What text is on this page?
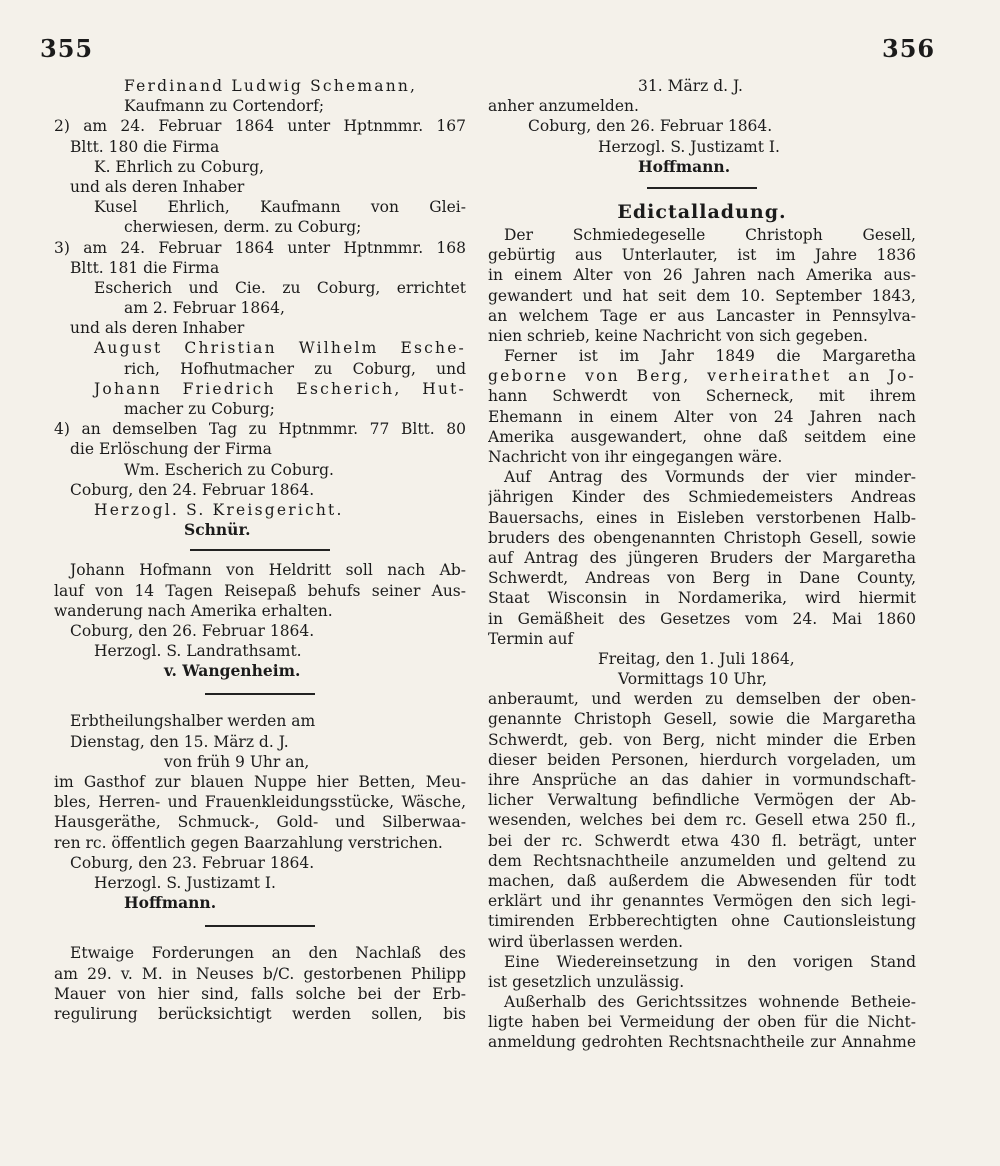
355	356
Ferdinand Ludwig Schemann,
Kaufmann zu Cortendorf;
2) am 24. Februar 1864 unter Hptnmmr. 167
Bltt. 180 die Firma
K. Ehrlich zu Coburg,
und als deren Inhaber
Kusel Ehrlich, Kaufmann von Glei-
cherwiesen, derm. zu Coburg;
3) am 24. Februar 1864 unter Hptnmmr. 168
Bltt. 181 die Firma
Escherich und Cie. zu Coburg, errichtet
am 2. Februar 1864,
und als deren Inhaber
August Christian Wilhelm Esche-
rich, Hofhutmacher zu Coburg, und
Johann Friedrich Escherich, Hut-
macher zu Coburg;
4) an demselben Tag zu Hptnmmr. 77 Bltt. 80
die Erlöschung der Firma
Wm. Escherich zu Coburg.
Coburg, den 24. Februar 1864.
Herzogl. S. Kreisgericht.
Schnür.
Johann Hofmann von Heldritt soll nach Ab-
lauf von 14 Tagen Reisepaß behufs seiner Aus-
wanderung nach Amerika erhalten.
Coburg, den 26. Februar 1864.
Herzogl. S. Landrathsamt.
v. Wangenheim.
Erbtheilungshalber werden am
Dienstag, den 15. März d. J.
von früh 9 Uhr an,
im Gasthof zur blauen Nuppe hier Betten, Meu-
bles, Herren- und Frauenkleidungsstücke, Wäsche,
Hausgeräthe, Schmuck-, Gold- und Silberwaa-
ren rc. öffentlich gegen Baarzahlung verstrichen.
Coburg, den 23. Februar 1864.
Herzogl. S. Justizamt I.
Hoffmann.
Etwaige Forderungen an den Nachlaß des
am 29. v. M. in Neuses b/C. gestorbenen Philipp
Mauer von hier sind, falls solche bei der Erb-
regulirung berücksichtigt werden sollen, bis
31. März d. J.
anher anzumelden.
Coburg, den 26. Februar 1864.
Herzogl. S. Justizamt I.
Hoffmann.
Edictalladung.
Der Schmiedegeselle Christoph Gesell,
gebürtig aus Unterlauter, ist im Jahre 1836
in einem Alter von 26 Jahren nach Amerika aus-
gewandert und hat seit dem 10. September 1843,
an welchem Tage er aus Lancaster in Pennsylva-
nien schrieb, keine Nachricht von sich gegeben.
Ferner ist im Jahr 1849 die Margaretha
geborne von Berg, verheirathet an Jo-
hann Schwerdt von Scherneck, mit ihrem
Ehemann in einem Alter von 24 Jahren nach
Amerika ausgewandert, ohne daß seitdem eine
Nachricht von ihr eingegangen wäre.
Auf Antrag des Vormunds der vier minder-
jährigen Kinder des Schmiedemeisters Andreas
Bauersachs, eines in Eisleben verstorbenen Halb-
bruders des obengenannten Christoph Gesell, sowie
auf Antrag des jüngeren Bruders der Margaretha
Schwerdt, Andreas von Berg in Dane County,
Staat Wisconsin in Nordamerika, wird hiermit
in Gemäßheit des Gesetzes vom 24. Mai 1860
Termin auf
Freitag, den 1. Juli 1864,
Vormittags 10 Uhr,
anberaumt, und werden zu demselben der oben-
genannte Christoph Gesell, sowie die Margaretha
Schwerdt, geb. von Berg, nicht minder die Erben
dieser beiden Personen, hierdurch vorgeladen, um
ihre Ansprüche an das dahier in vormundschaft-
licher Verwaltung befindliche Vermögen der Ab-
wesenden, welches bei dem rc. Gesell etwa 250 fl.,
bei der rc. Schwerdt etwa 430 fl. beträgt, unter
dem Rechtsnachtheile anzumelden und geltend zu
machen, daß außerdem die Abwesenden für todt
erklärt und ihr genanntes Vermögen den sich legi-
timirenden Erbberechtigten ohne Cautionsleistung
wird überlassen werden.
Eine Wiedereinsetzung in den vorigen Stand
ist gesetzlich unzulässig.
Außerhalb des Gerichtssitzes wohnende Betheie-
ligte haben bei Vermeidung der oben für die Nicht-
anmeldung gedrohten Rechtsnachtheile zur Annahme
